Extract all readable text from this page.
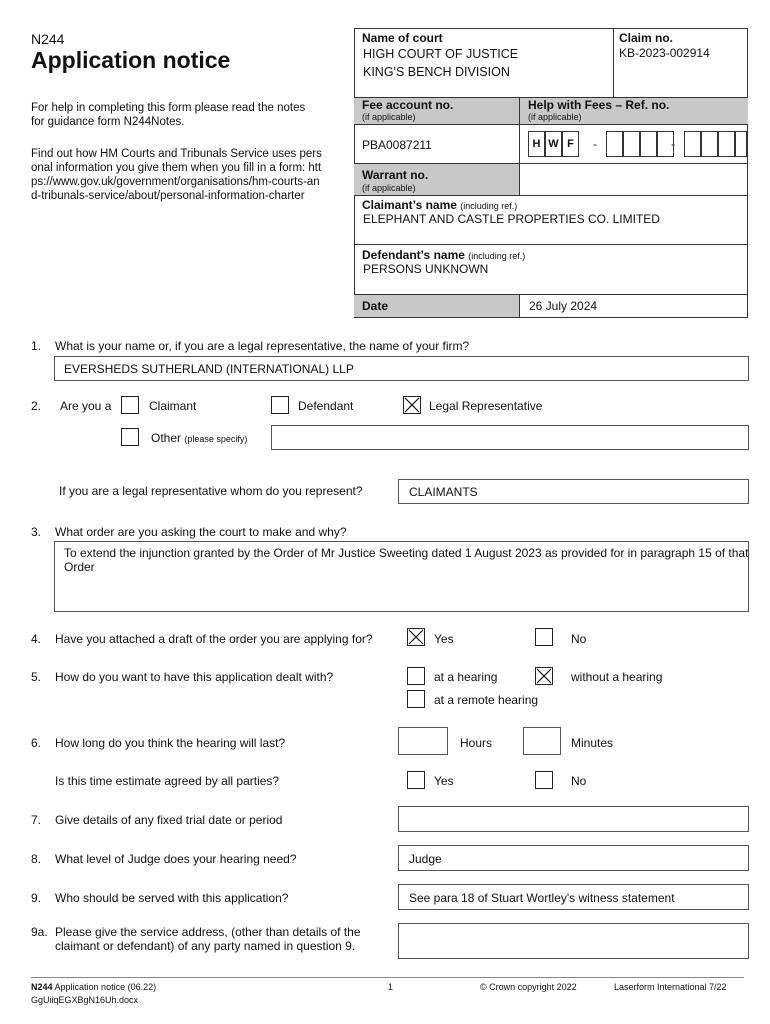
N244
Application notice
For help in completing this form please read the notes for guidance form N244Notes.
Find out how HM Courts and Tribunals Service uses personal information you give them when you fill in a form: https://www.gov.uk/government/organisations/hm-courts-and-tribunals-service/about/personal-information-charter
Name of court
HIGH COURT OF JUSTICE
KING'S BENCH DIVISION
Claim no.
KB-2023-002914
Fee account no.
(if applicable)
Help with Fees – Ref. no.
(if applicable)
PBA0087211	H W F	-	-
Warrant no.
(if applicable)
Claimant’s name (including ref.)
ELEPHANT AND CASTLE PROPERTIES CO. LIMITED
Defendant’s name (including ref.)
PERSONS UNKNOWN
Date	26 July 2024
1. What is your name or, if you are a legal representative, the name of your firm?
EVERSHEDS SUTHERLAND (INTERNATIONAL) LLP
2. Are you a	Claimant	Defendant	Legal Representative
Other (please specify)
If you are a legal representative whom do you represent?	CLAIMANTS
3. What order are you asking the court to make and why?
To extend the injunction granted by the Order of Mr Justice Sweeting dated 1 August 2023 as provided for in paragraph 15 of that Order
4. Have you attached a draft of the order you are applying for?	Yes	No
5. How do you want to have this application dealt with?	at a hearing	without a hearing
at a remote hearing
6. How long do you think the hearing will last?	Hours	Minutes
Is this time estimate agreed by all parties?	Yes	No
7. Give details of any fixed trial date or period
8. What level of Judge does your hearing need?	Judge
9. Who should be served with this application?	See para 18 of Stuart Wortley's witness statement
9a. Please give the service address, (other than details of the
claimant or defendant) of any party named in question 9.
N244 Application notice (06.22)	1	© Crown copyright 2022	Laserform International 7/22
GgUiiqEGXBgN16Uh.docx
